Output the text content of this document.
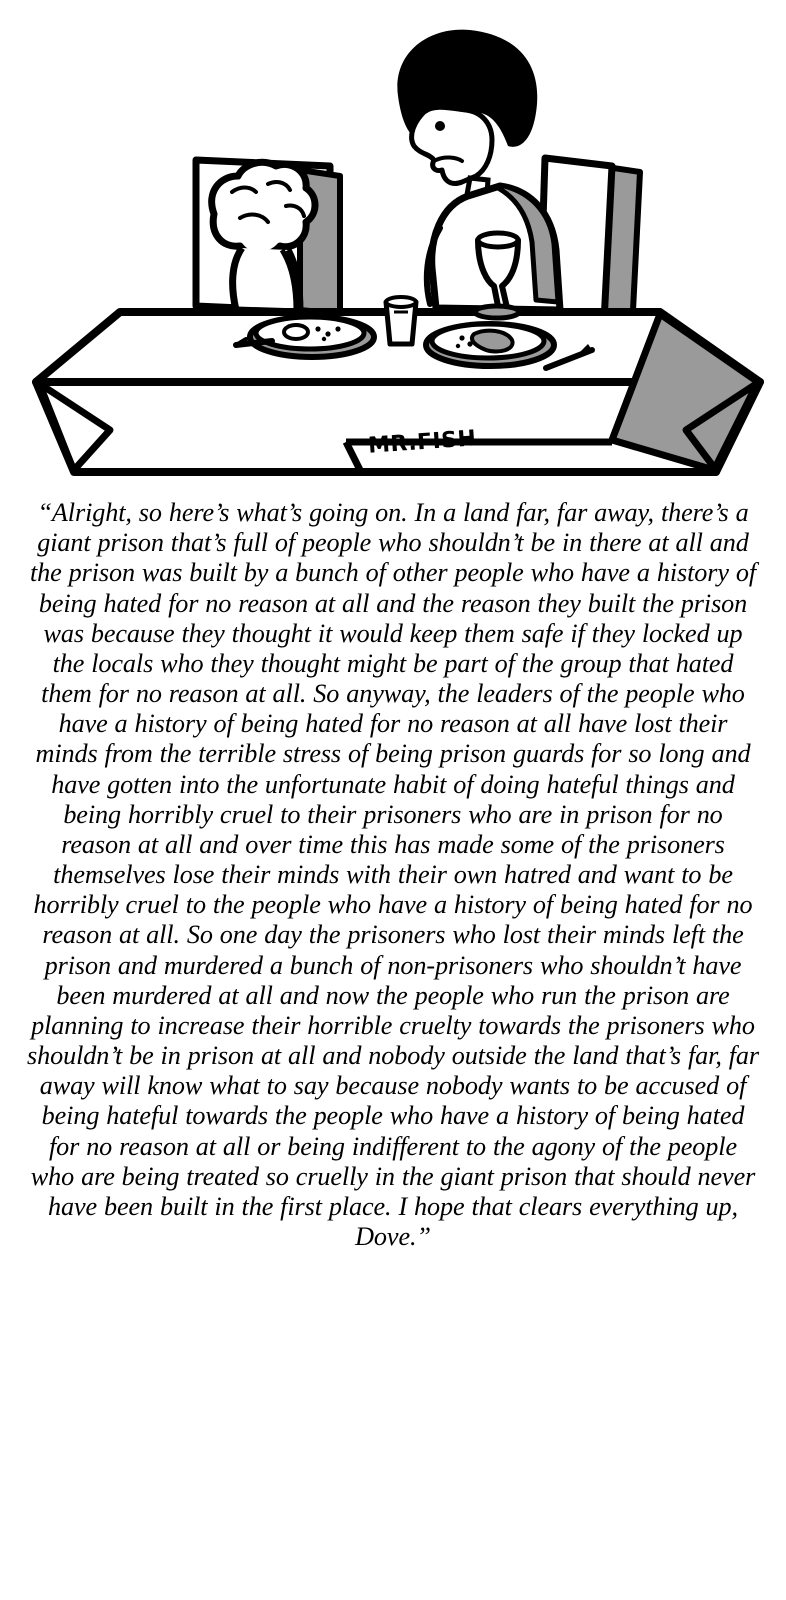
MR.FISH
“Alright, so here’s what’s going on. In a land far, far away, there’s a giant prison that’s full of people who shouldn’t be in there at all and the prison was built by a bunch of other people who have a history of being hated for no reason at all and the reason they built the prison was because they thought it would keep them safe if they locked up the locals who they thought might be part of the group that hated them for no reason at all. So anyway, the leaders of the people who have a history of being hated for no reason at all have lost their minds from the terrible stress of being prison guards for so long and have gotten into the unfortunate habit of doing hateful things and being horribly cruel to their prisoners who are in prison for no reason at all and over time this has made some of the prisoners themselves lose their minds with their own hatred and want to be horribly cruel to the people who have a history of being hated for no reason at all. So one day the prisoners who lost their minds left the prison and murdered a bunch of non-prisoners who shouldn’t have been murdered at all and now the people who run the prison are planning to increase their horrible cruelty towards the prisoners who shouldn’t be in prison at all and nobody outside the land that’s far, far away will know what to say because nobody wants to be accused of being hateful towards the people who have a history of being hated for no reason at all or being indifferent to the agony of the people who are being treated so cruelly in the giant prison that should never have been built in the first place. I hope that clears everything up, Dove.”
